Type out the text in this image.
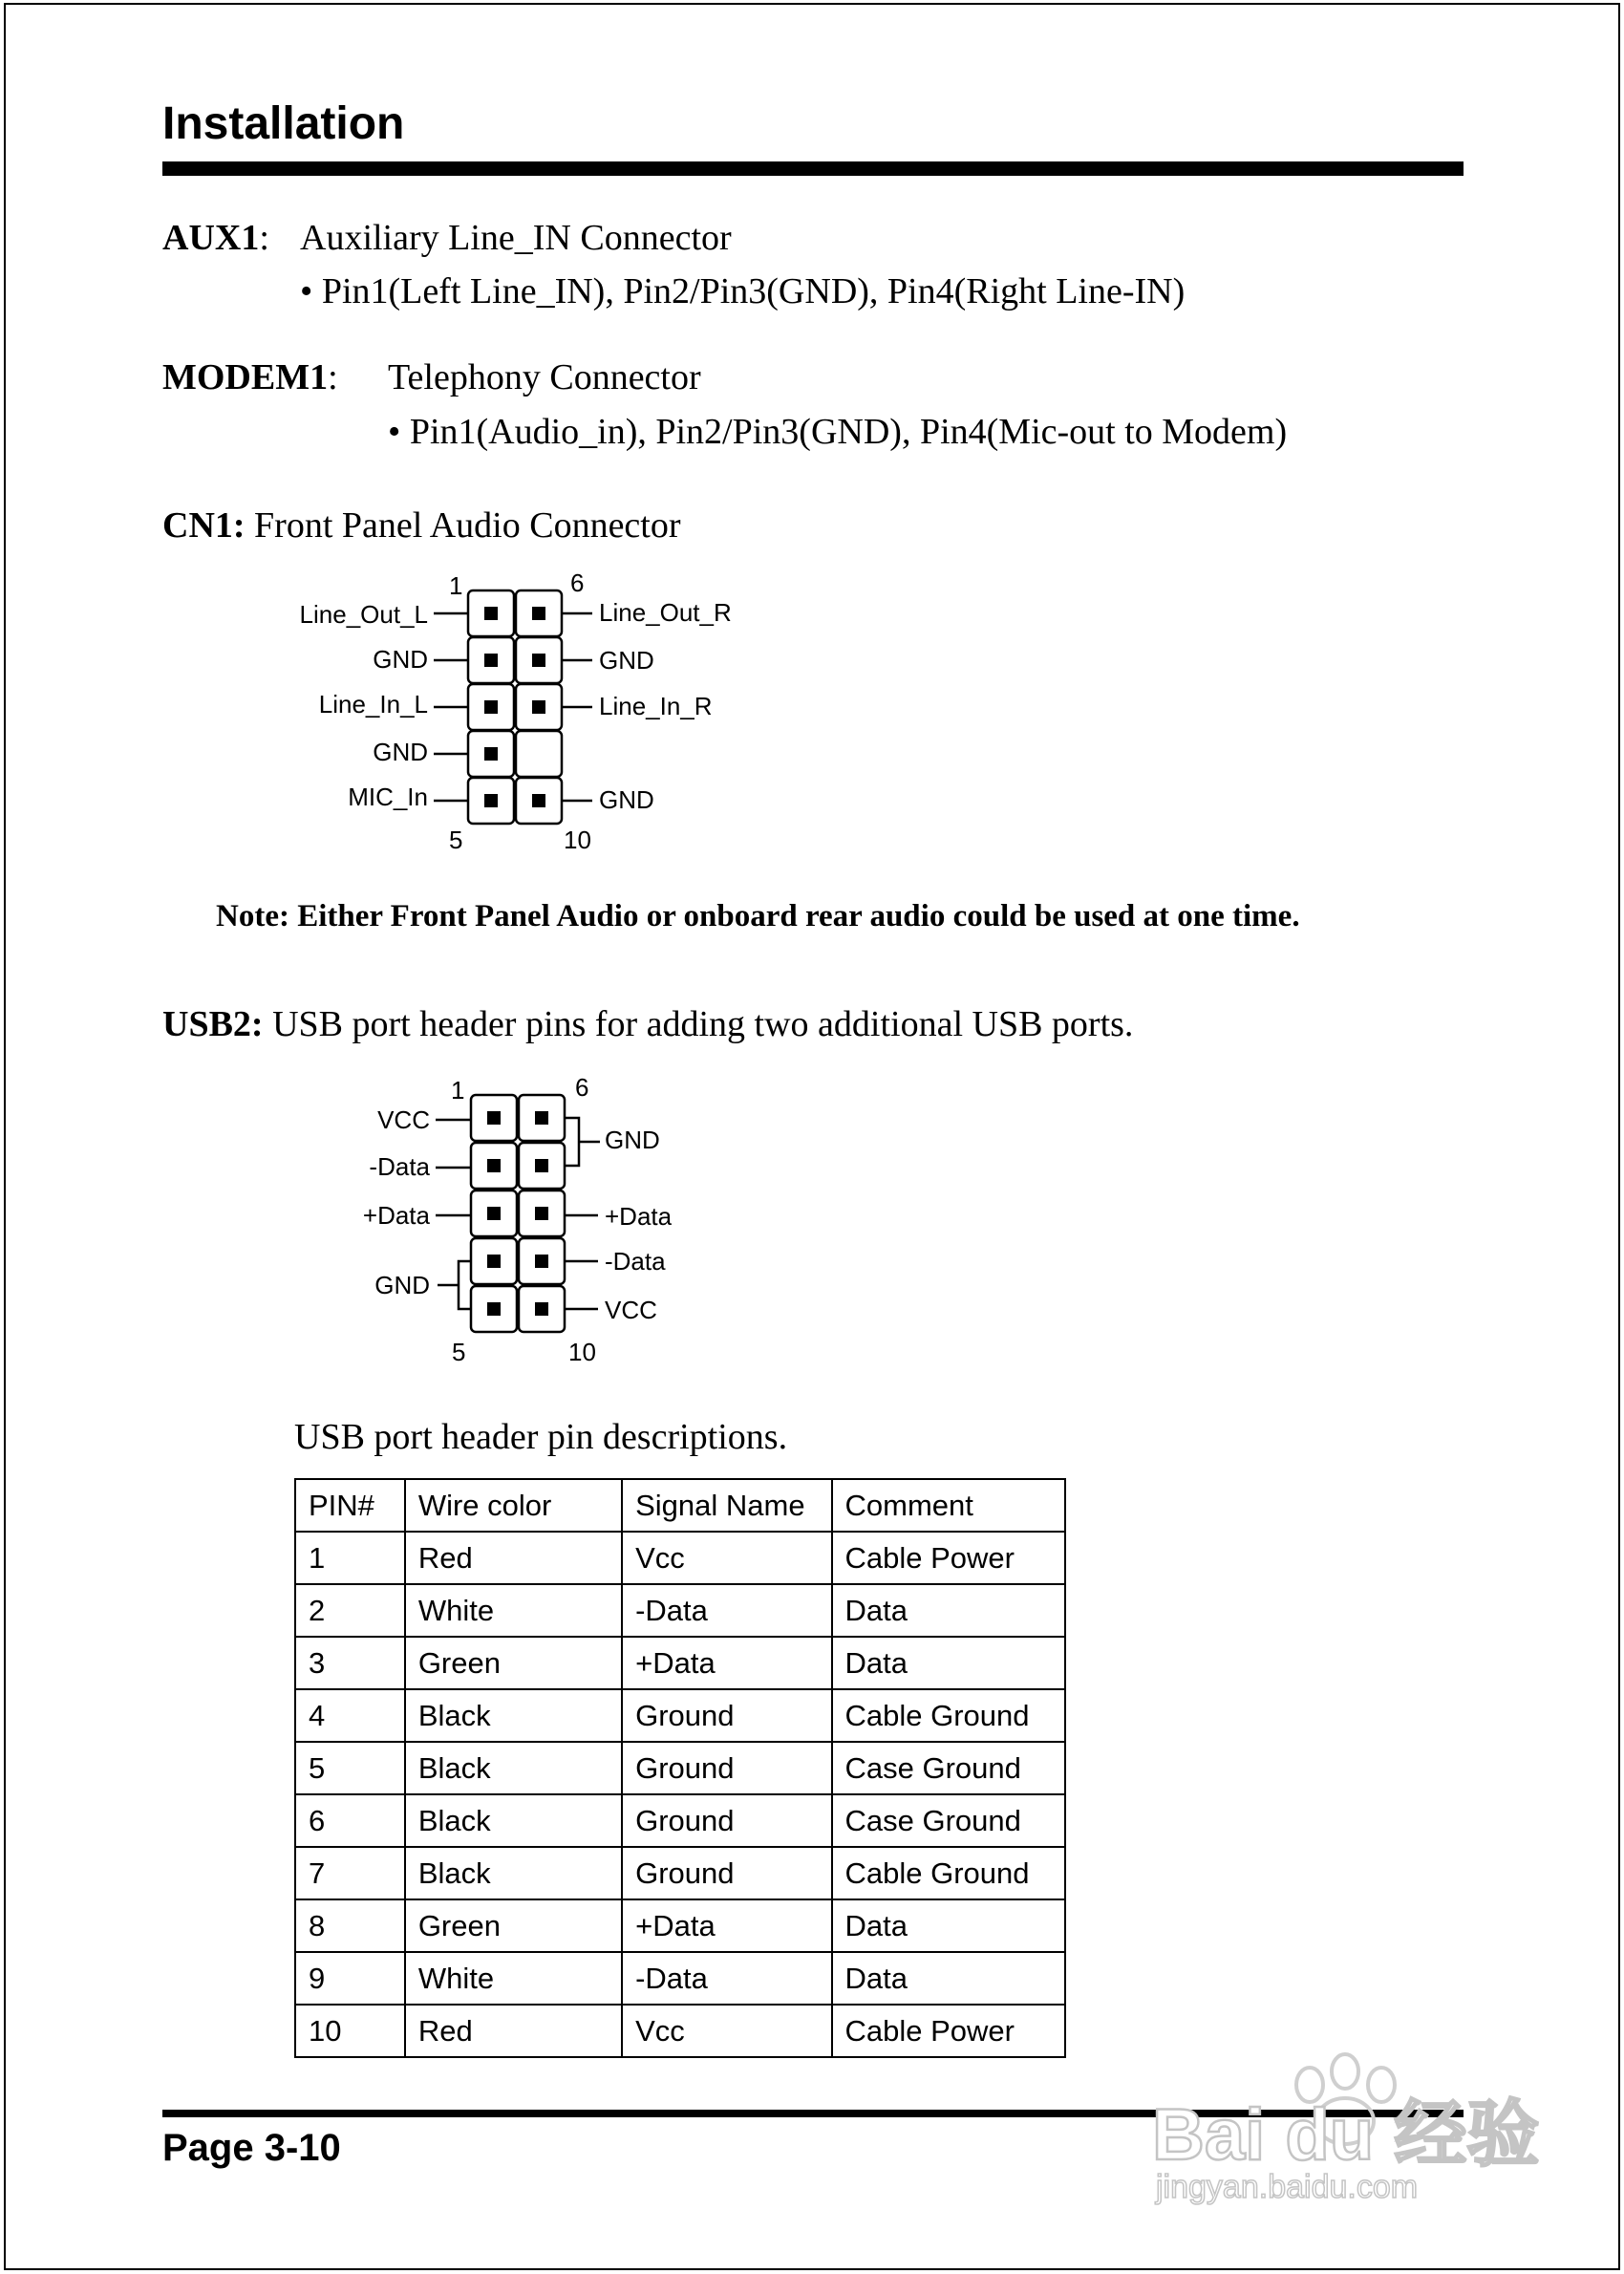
Installation
AUX1: Auxiliary Line_IN Connector
• Pin1(Left Line_IN), Pin2/Pin3(GND), Pin4(Right Line-IN)
MODEM1: Telephony Connector
• Pin1(Audio_in), Pin2/Pin3(GND), Pin4(Mic-out to Modem)
CN1: Front Panel Audio Connector
1	6
5	10
Line_Out_L
GND
Line_In_L
GND
MIC_In
Line_Out_R
GND
Line_In_R
GND
Note: Either Front Panel Audio or onboard rear audio could be used at one time.
USB2: USB port header pins for adding two additional USB ports.
1	6
5	10
VCC
-Data
+Data
GND
GND
+Data
-Data
VCC
USB port header pin descriptions.
PIN#	Wire color	Signal Name	Comment
1	Red	Vcc	Cable Power
2	White	-Data	Data
3	Green	+Data	Data
4	Black	Ground	Cable Ground
5	Black	Ground	Case Ground
6	Black	Ground	Case Ground
7	Black	Ground	Cable Ground
8	Green	+Data	Data
9	White	-Data	Data
10	Red	Vcc	Cable Power
Page 3-10	Bai du 经验
jingyan.baidu.com
